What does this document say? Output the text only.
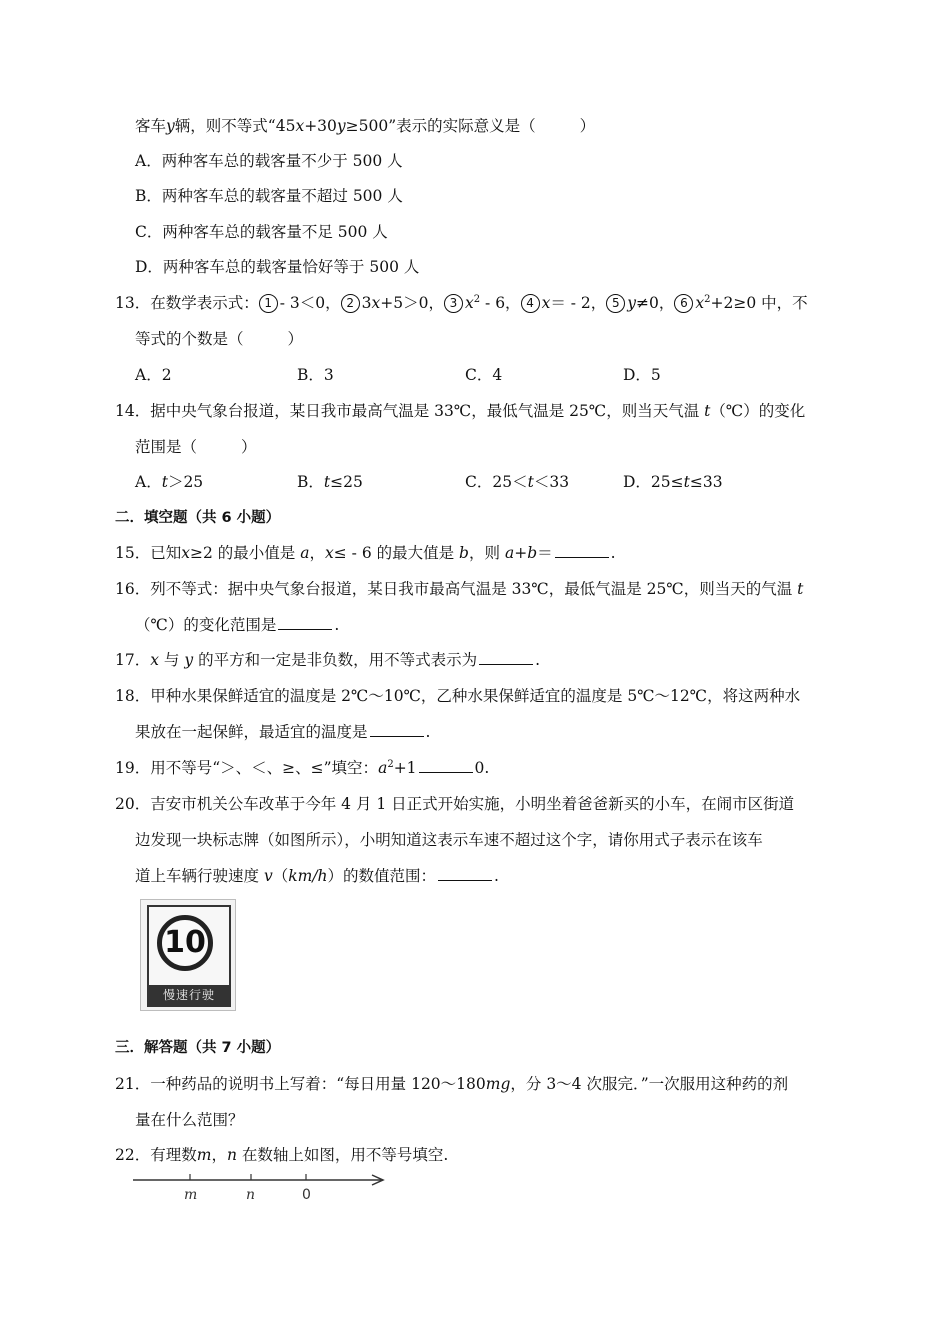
客车y辆，则不等式“45x+30y≥500”表示的实际意义是（	）
A．两种客车总的载客量不少于 500 人
B．两种客车总的载客量不超过 500 人
C．两种客车总的载客量不足 500 人
D．两种客车总的载客量恰好等于 500 人
13．在数学表示式： 1 - 3＜0， 2 3x+5＞0， 3 $x^2 - 6$， 4 x＝ - 2， 5 y≠0， 6 $x^2+2\ge 0$ 中，不
等式的个数是（	）
A．2	B．3	C．4	D．5
14．据中央气象台报道，某日我市最高气温是 33℃，最低气温是 25℃，则当天气温 t（℃）的变化
范围是（	）
A．t＞25	B．t≤25	C．25＜t＜33	D．25≤t≤33
二．填空题（共 6 小题）
15．已知x≥2 的最小值是 a，x≤ - 6 的最大值是 b，则 a+b＝	.
16．列不等式：据中央气象台报道，某日我市最高气温是 33℃，最低气温是 25℃，则当天的气温 t
（℃）的变化范围是	.
17．x 与 y 的平方和一定是非负数，用不等式表示为	.
18．甲种水果保鲜适宜的温度是 2℃～10℃，乙种水果保鲜适宜的温度是 5℃～12℃，将这两种水
果放在一起保鲜，最适宜的温度是	.
19．用不等号“＞、＜、≥、≤”填空：$a^2+1$	0.
20．吉安市机关公车改革于今年 4 月 1 日正式开始实施，小明坐着爸爸新买的小车，在闹市区街道
边发现一块标志牌（如图所示），小明知道这表示车速不超过这个字，请你用式子表示在该车
道上车辆行驶速度 v（km/h）的数值范围：	.
10
慢速行驶
三．解答题（共 7 小题）
21．一种药品的说明书上写着：“每日用量 120～180mg，分 3～4 次服完．”一次服用这种药的剂
量在什么范围？
22．有理数m，n 在数轴上如图，用不等号填空.
m	n	0
